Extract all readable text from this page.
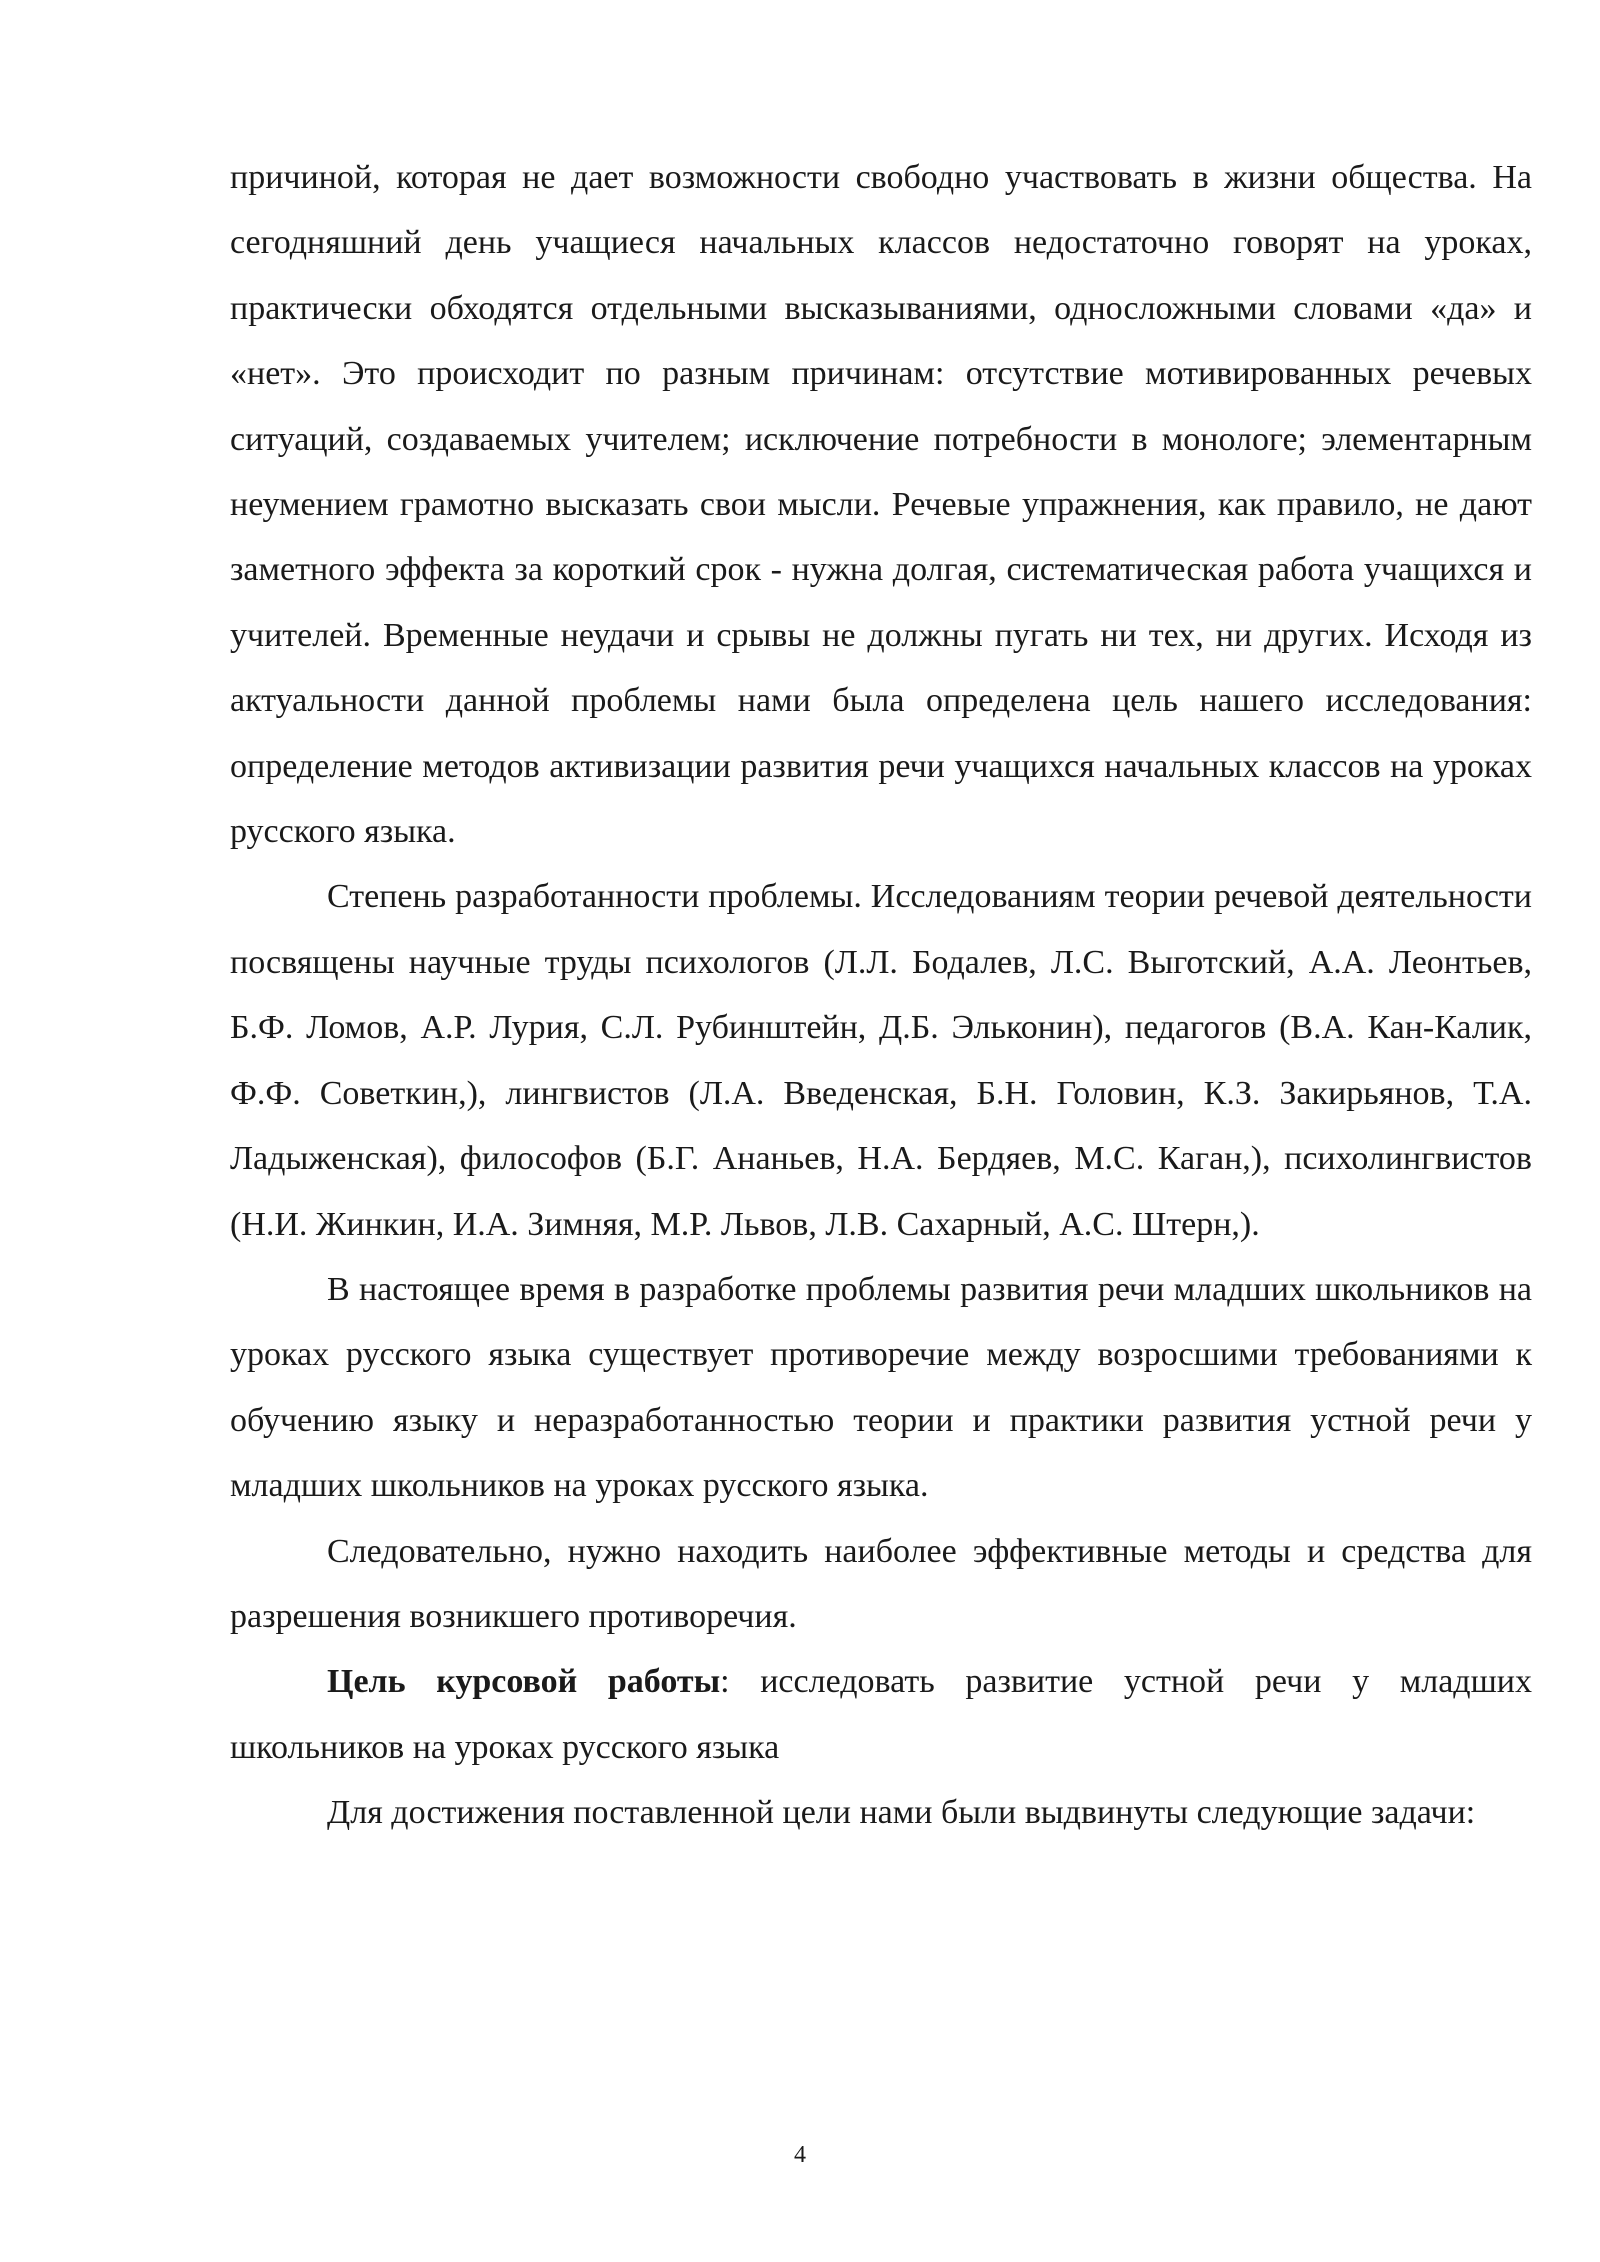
причиной, которая не дает возможности свободно участвовать в жизни общества. На сегодняшний день учащиеся начальных классов недостаточно говорят на уроках, практически обходятся отдельными высказываниями, односложными словами «да» и «нет». Это происходит по разным причинам: отсутствие мотивированных речевых ситуаций, создаваемых учителем; исключение потребности в монологе; элементарным неумением грамотно высказать свои мысли. Речевые упражнения, как правило, не дают заметного эффекта за короткий срок - нужна долгая, систематическая работа учащихся и учителей. Временные неудачи и срывы не должны пугать ни тех, ни других. Исходя из актуальности данной проблемы нами была определена цель нашего исследования: определение методов активизации развития речи учащихся начальных классов на уроках русского языка.

Степень разработанности проблемы. Исследованиям теории речевой деятельности посвящены научные труды психологов (Л.Л. Бодалев, Л.С. Выготский, А.А. Леонтьев, Б.Ф. Ломов, А.Р. Лурия, С.Л. Рубинштейн, Д.Б. Эльконин), педагогов (В.А. Кан-Калик, Ф.Ф. Советкин,), лингвистов (Л.А. Введенская, Б.Н. Головин, К.З. Закирьянов, Т.А. Ладыженская), философов (Б.Г. Ананьев, Н.А. Бердяев, М.С. Каган,), психолингвистов (Н.И. Жинкин, И.А. Зимняя, М.Р. Львов, Л.В. Сахарный, А.С. Штерн,).

В настоящее время в разработке проблемы развития речи младших школьников на уроках русского языка существует противоречие между возросшими требованиями к обучению языку и неразработанностью теории и практики развития устной речи у младших школьников на уроках русского языка.

Следовательно, нужно находить наиболее эффективные методы и средства для разрешения возникшего противоречия.

Цель курсовой работы: исследовать развитие устной речи у младших школьников на уроках русского языка

Для достижения поставленной цели нами были выдвинуты следующие задачи:

4
